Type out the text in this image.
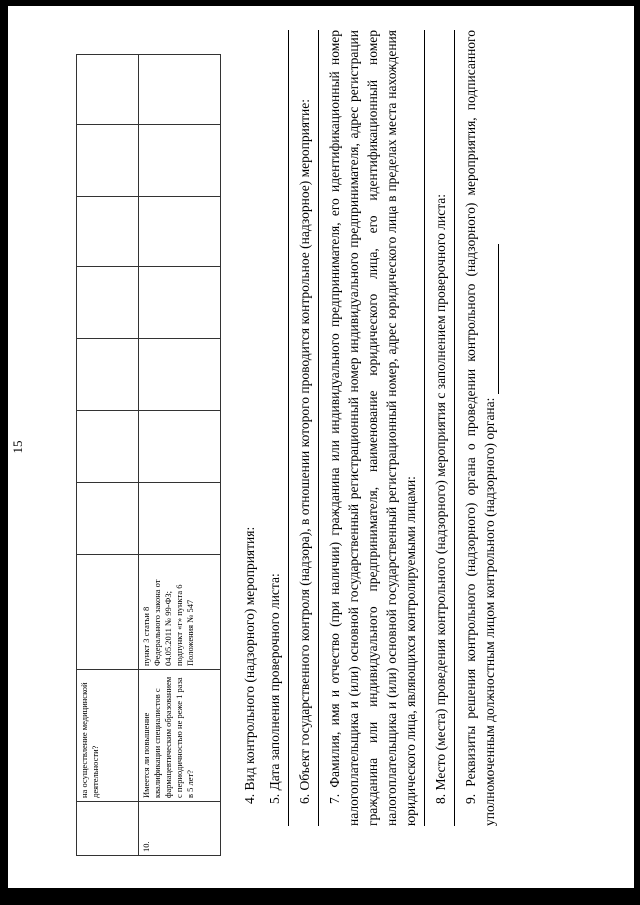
15
	на осуществление медицинской деятельности?								
10.	Имеется ли повышение квалификации специалистов с фармацевтическим образованием с периодичностью не реже 1 раза в 5 лет?	пункт 3 статьи 8 Федерального закона от 04.05.2011 № 99-ФЗ; подпункт «г» пункта 6 Положения № 547								4. Вид контрольного (надзорного) мероприятия: 5. Дата заполнения проверочного листа: 6. Объект государственного контроля (надзора), в отношении которого проводится контрольное (надзорное) мероприятие: 7. Фамилия, имя и отчество (при наличии) гражданина или индивидуального предпринимателя, его идентификационный номер налогоплательщика и (или) основной государственный регистрационный номер индивидуального предпринимателя, адрес регистрации гражданина или индивидуального предпринимателя, наименование юридического лица, его идентификационный номер налогоплательщика и (или) основной государственный регистрационный номер, адрес юридического лица в пределах места нахождения юридического лица, являющихся контролируемыми лицами: 8. Место (места) проведения контрольного (надзорного) мероприятия с заполнением проверочного листа: 9. Реквизиты решения контрольного (надзорного) органа о проведении контрольного (надзорного) мероприятия, подписанного уполномоченным должностным лицом контрольного (надзорного) органа:
